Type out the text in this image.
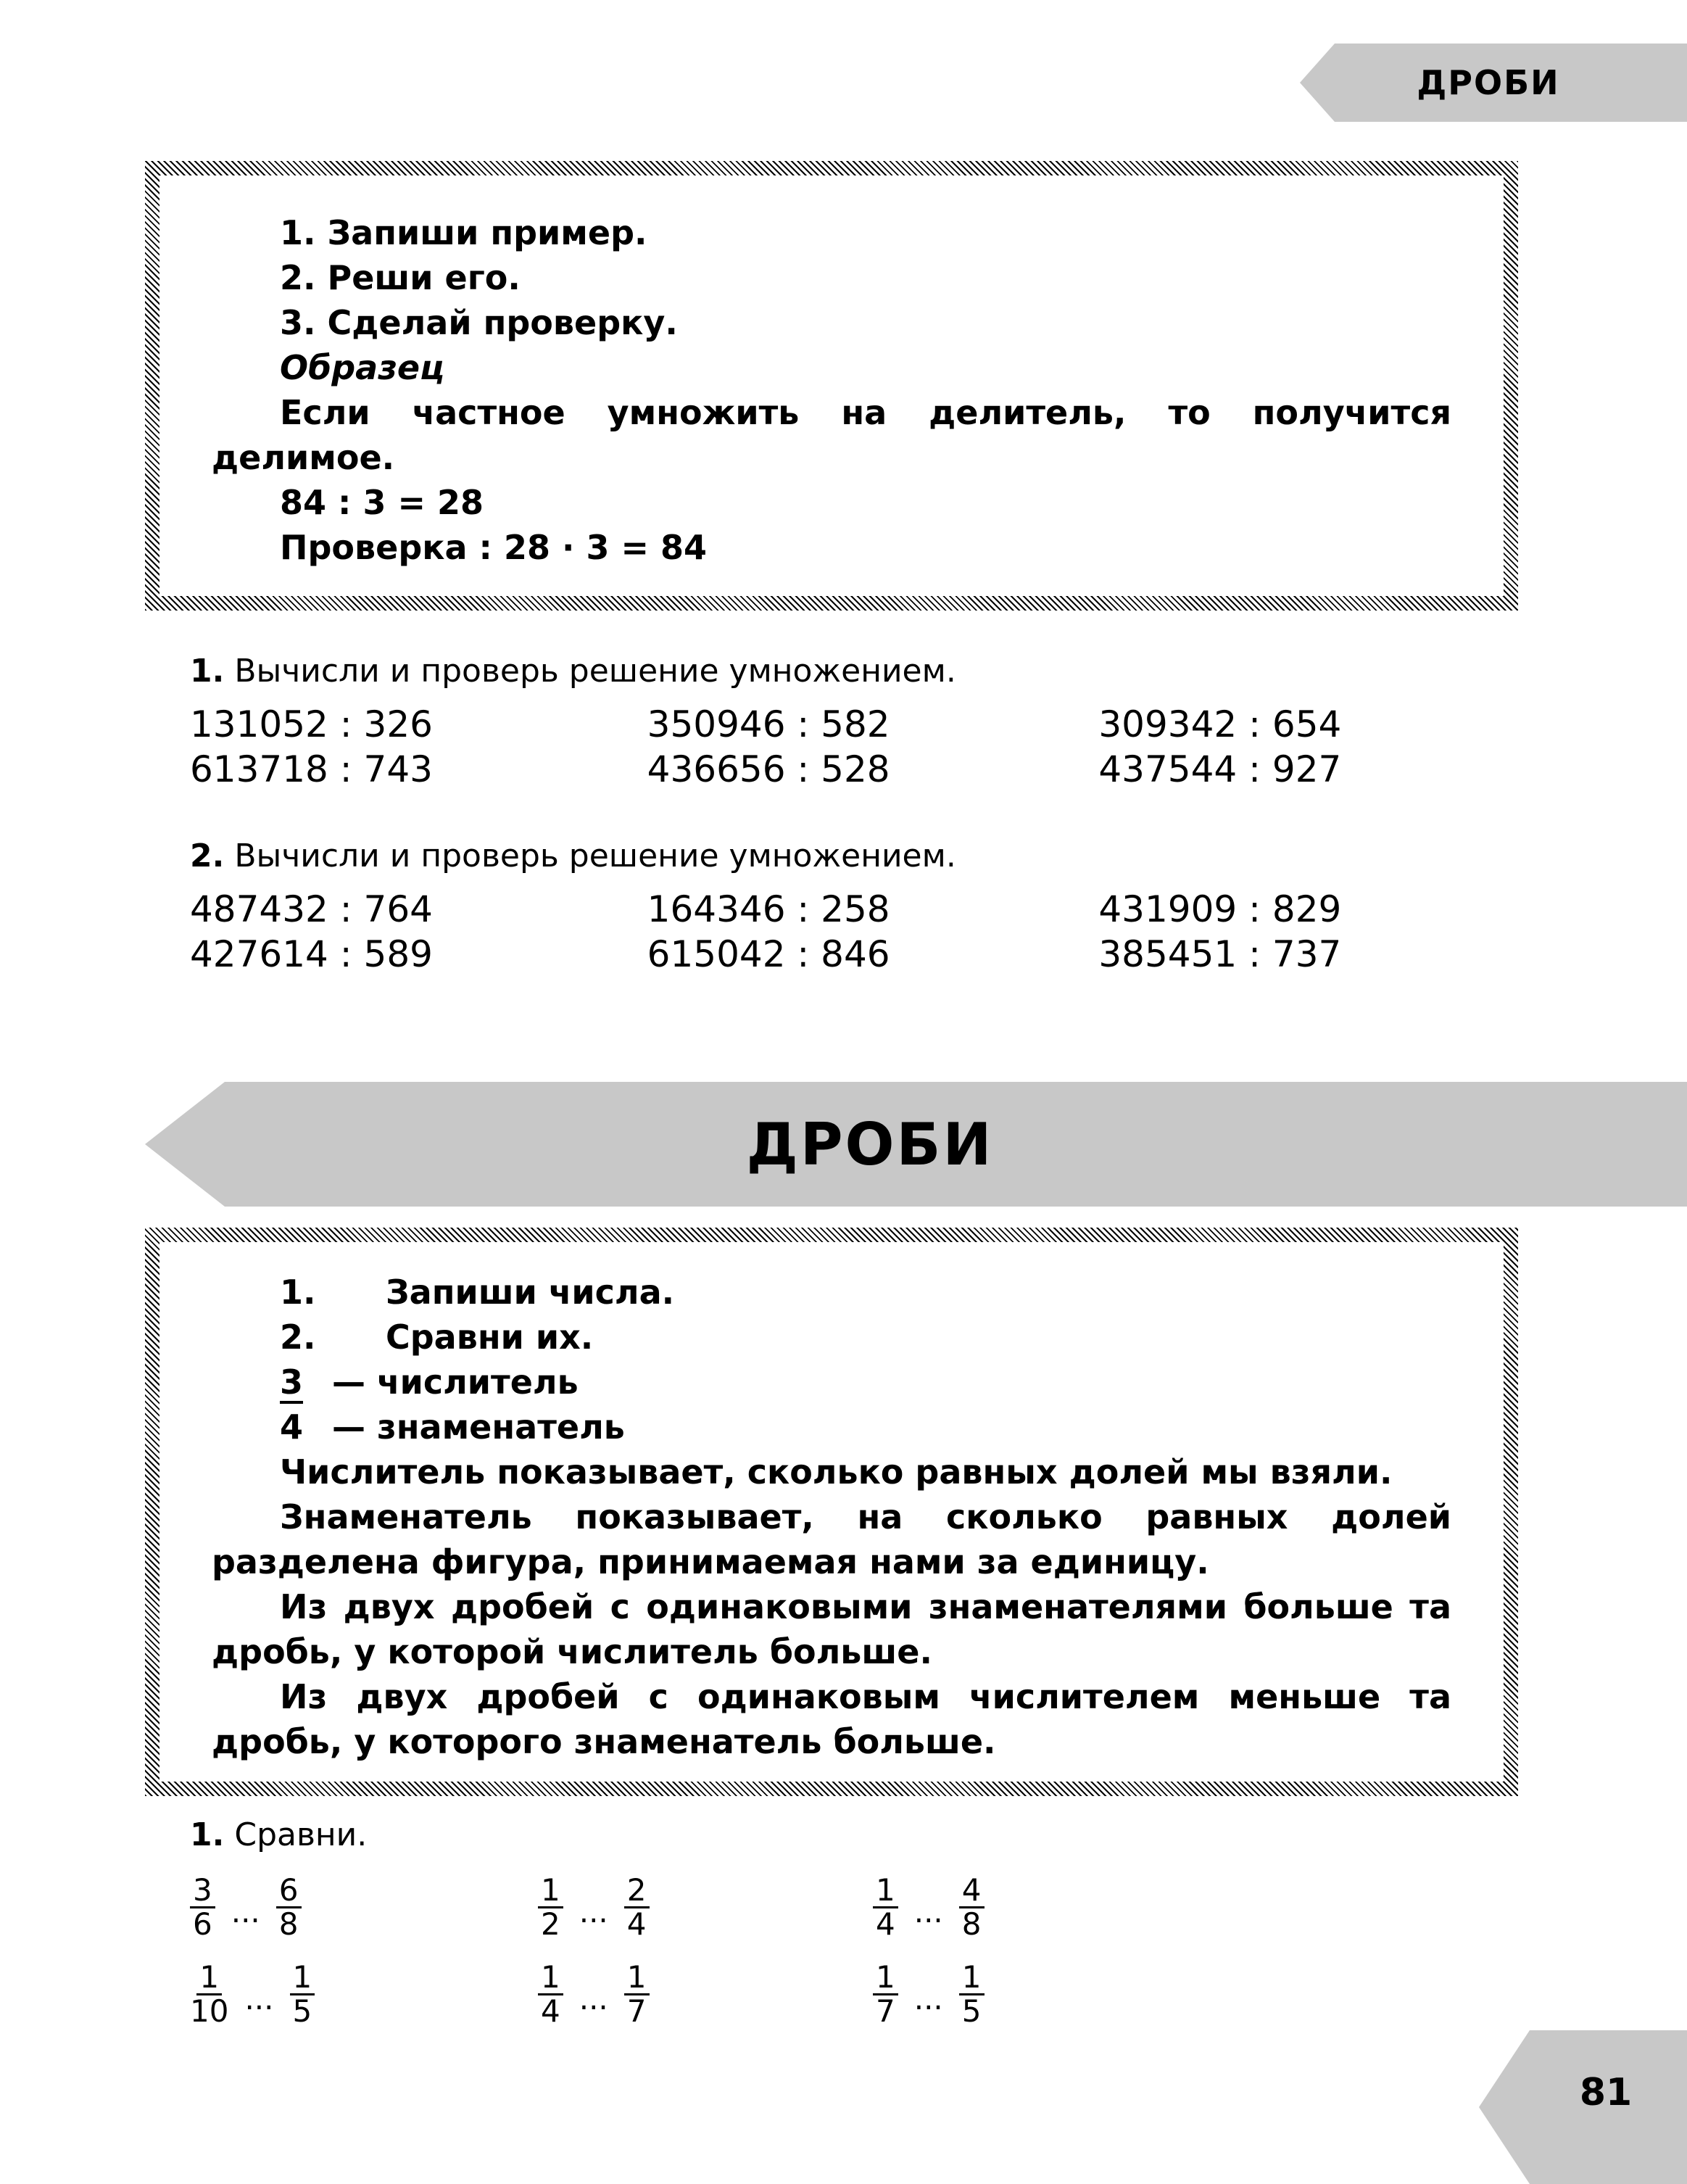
ДРОБИ

1. Запиши пример.

2. Реши его.

3. Сделай проверку.

Образец

Если частное умножить на делитель, то получится делимое.

84 : 3 = 28

Проверка : 28 · 3 = 84

1. Вычисли и проверь решение умножением.
131052 : 326	350946 : 582	309342 : 654
613718 : 743	436656 : 528	437544 : 927
2. Вычисли и проверь решение умножением.
487432 : 764	164346 : 258	431909 : 829
427614 : 589	615042 : 846	385451 : 737
ДРОБИ

1. Запиши числа.

2. Сравни их.

3 — числитель

4 — знаменатель

Числитель показывает, сколько равных долей мы взяли.

Знаменатель показывает, на сколько равных долей разделена фигура, принимаемая нами за единицу.

Из двух дробей с одинаковыми знаменателями больше та дробь, у которой числитель больше.

Из двух дробей с одинаковым числителем меньше та дробь, у которого знаменатель больше.

1. Сравни.
$\frac{3}{6}$ ... $\frac{6}{8}$	$\frac{1}{2}$ ... $\frac{2}{4}$	$\frac{1}{4}$ ... $\frac{4}{8}$
$\frac{1}{10}$ ... $\frac{1}{5}$	$\frac{1}{4}$ ... $\frac{1}{7}$	$\frac{1}{7}$ ... $\frac{1}{5}$
81
